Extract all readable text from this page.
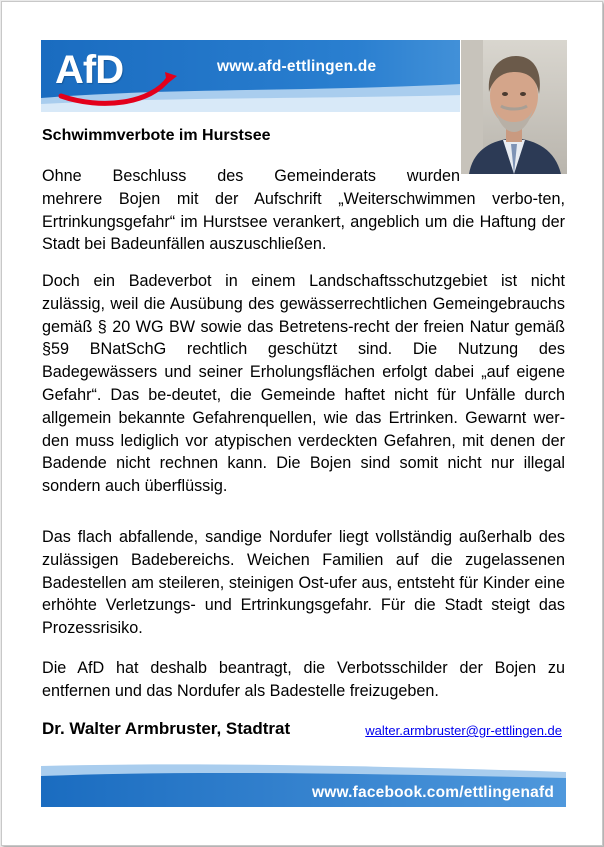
AfD	www.afd-ettlingen.de
Schwimmverbote im Hurstsee

Ohne Beschluss des Gemeinderats wurden
mehrere Bojen mit der Aufschrift „Weiterschwimmen verbo-ten, Ertrinkungsgefahr“ im Hurstsee verankert, angeblich um die Haftung der Stadt bei Badeunfällen auszuschließen.

Doch ein Badeverbot in einem Landschaftsschutzgebiet ist nicht zulässig, weil die Ausübung des gewässerrechtlichen Gemeingebrauchs gemäß § 20 WG BW sowie das Betretens-recht der freien Natur gemäß §59 BNatSchG rechtlich geschützt sind. Die Nutzung des Badegewässers und seiner Erholungsflächen erfolgt dabei „auf eigene Gefahr“. Das be-deutet, die Gemeinde haftet nicht für Unfälle durch allgemein bekannte Gefahrenquellen, wie das Ertrinken. Gewarnt wer-den muss lediglich vor atypischen verdeckten Gefahren, mit denen der Badende nicht rechnen kann. Die Bojen sind somit nicht nur illegal sondern auch überflüssig.

Das flach abfallende, sandige Nordufer liegt vollständig außerhalb des zulässigen Badebereichs. Weichen Familien auf die zugelassenen Badestellen am steileren, steinigen Ost-ufer aus, entsteht für Kinder eine erhöhte Verletzungs- und Ertrinkungsgefahr. Für die Stadt steigt das Prozessrisiko.

Die AfD hat deshalb beantragt, die Verbotsschilder der Bojen zu entfernen und das Nordufer als Badestelle freizugeben.

Dr. Walter Armbruster, Stadtrat	walter.armbruster@gr-ettlingen.de
www.facebook.com/ettlingenafd
